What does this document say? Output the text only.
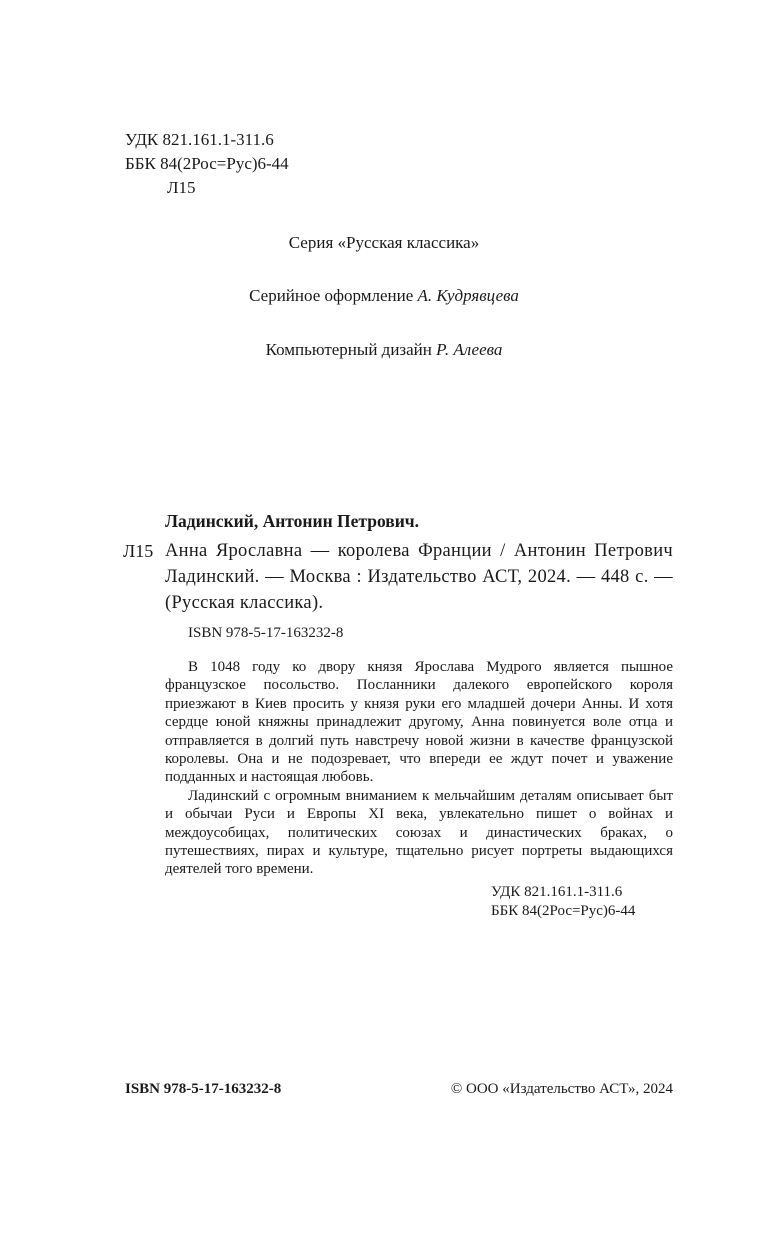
УДК 821.161.1-311.6
ББК 84(2Рос=Рус)6-44
Л15
Серия «Русская классика»
Серийное оформление А. Кудрявцева
Компьютерный дизайн Р. Алеева
Ладинский, Антонин Петрович.
Л15 Анна Ярославна — королева Франции / Антонин Петрович Ладинский. — Москва : Издательство АСТ, 2024. — 448 с. — (Русская классика).
ISBN 978-5-17-163232-8

В 1048 году ко двору князя Ярослава Мудрого является пышное французское посольство. Посланники далекого европейского короля приезжают в Киев просить у князя руки его младшей дочери Анны. И хотя сердце юной княжны принадлежит другому, Анна повинуется воле отца и отправляется в долгий путь навстречу новой жизни в качестве французской королевы. Она и не подозревает, что впереди ее ждут почет и уважение подданных и настоящая любовь.

Ладинский с огромным вниманием к мельчайшим деталям описывает быт и обычаи Руси и Европы XI века, увлекательно пишет о войнах и междоусобицах, политических союзах и династических браках, о путешествиях, пирах и культуре, тщательно рисует портреты выдающихся деятелей того времени.

УДК 821.161.1-311.6
ББК 84(2Рос=Рус)6-44
ISBN 978-5-17-163232-8	© ООО «Издательство АСТ», 2024
